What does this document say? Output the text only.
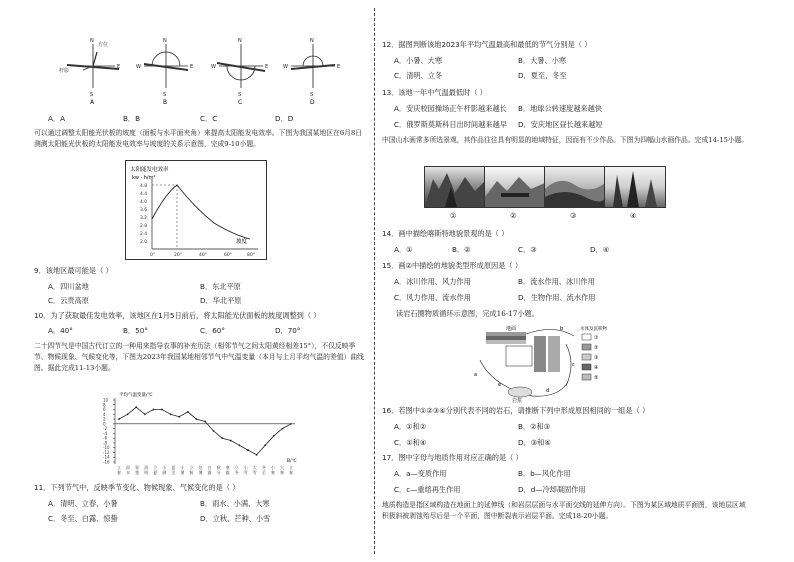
N
方位
S
E
杆影
N
S
E
W
N
S
E
W
N
S
E
W
A	B	C	D
A．A	B．B	C．C	D．D
可以通过调整太阳能光伏板的坡度（面板与水平面夹角）来提高太阳能发电效率。下图为我国某地区在6月8日测测太阳能光伏板的太阳能发电效率与坡度的关系示意图，完成9-10小题。
太阳能发电效率
kw · h/m²
4.8
4.4
4.0
3.6
3.2
2.8
2.4
2.0
0°	20°	40°	60°	80°
坡度
9．该地区最可能是（ ）
A．四川盆地	B．东北平原
C．云贵高原	D．华北平原
10．为了获取最佳发电效率，该地区在1月5日前后，将太阳能光伏面板的坡度调整到（ ）
A．40°	B．50°	C．60°	D．70°
二十四节气是中国古代订立的一种用来指导农事的补充历法（相邻节气之间太阳黄经相差15°），不仅反映季节、物候现象、气候变化等，下图为2023年我国某地相邻节气中气温变量（本月与上月平均气温的差值）曲线图。据此完成11-13小题。
平均气温变量/℃
10
8
6
4
2
0
-2
-4
-6
-8
-10
-12
-14
-16
立
春
雨
水
惊
蛰
清
明
立
夏
小
满
夏
至
小
暑
立
秋
处
暑
白
露
秋
分
寒
露
立
冬
小
雪
大
雪
冬
至
小
寒
大
寒
立
春
B/℃
11．下列节气中，反映季节变化、物候现象、气候变化的是（ ）
A．清明、立春、小暑	B．雨水、小满、大寒
C．冬至、白露、惊蛰	D．立秋、芒种、小雪
12．据图判断该地2023年平均气温最高和最低的节气分别是（ ）
A．小暑、大寒	B．大暑、小寒
C．清明、立冬	D．夏至、冬至
13．该地一年中气温最低时（ ）
A．安庆校园操场正午杆影越来越长 B．地球公转速度越来越快
C．俄罗斯莫斯科日出时间越来越早 D．安庆地区昼长越来越短
中国山水画常多所选景观，其作品往往具有明显的地域特征，因而有不少作品。下图为四幅山水画作品。完成14-15小题。
①	②	③	④
14．画中描绘喀斯特地貌景观的是（ ）
A．①	B．②	C．③	D．④
15．画②中描绘的地貌类型形成原因是（ ）
A．冰川作用、风力作用	B．流水作用、冰川作用
C．风力作用、流水作用	D．生物作用、流水作用
读岩石圈物质循环示意图，完成16-17小题。
地面
岩浆
a
b
c
d
e
水体及沉积物
①
②
③
④
⑤
16．若图中①②③④分别代表不同的岩石，请推断下列中形成原因相同的一组是（ ）
A．①和②	B．②和③
C．①和④	D．③和④
17．图中字母与地质作用对应正确的是（ ）
A．a—变质作用	B．b—风化作用
C．c—重熔再生作用	D．d—冷却凝固作用
地质构造是指区域构造在地面上的延伸线（和岩层层面与水平面交线的延伸方向）。下图为某区域地质平面图，该地层区域积极斜被剥蚀殆尽后是一个平面，图中断裂表示岩层平面。完成18-20小题。
